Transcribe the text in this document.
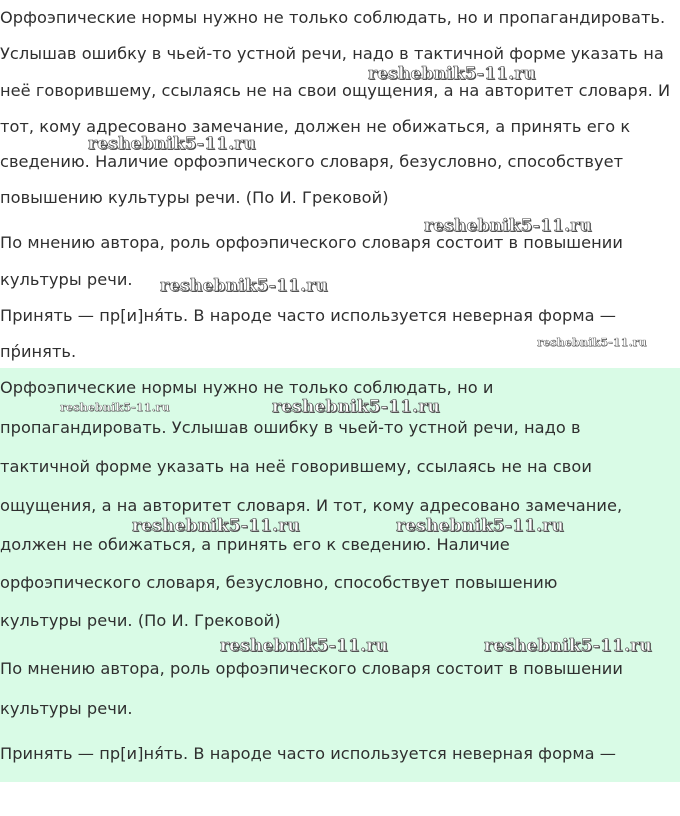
Орфоэпические нормы нужно не только соблюдать, но и пропагандировать.
Услышав ошибку в чьей-то устной речи, надо в тактичной форме указать на
неё говорившему, ссылаясь не на свои ощущения, а на авторитет словаря. И
тот, кому адресовано замечание, должен не обижаться, а принять его к
сведению. Наличие орфоэпического словаря, безусловно, способствует
повышению культуры речи. (По И. Грековой)
По мнению автора, роль орфоэпического словаря состоит в повышении
культуры речи.
Принять — пр[и]ня́ть. В народе часто используется неверная форма —
пр́инять.
Орфоэпические нормы нужно не только соблюдать, но и
пропагандировать. Услышав ошибку в чьей-то устной речи, надо в
тактичной форме указать на неё говорившему, ссылаясь не на свои
ощущения, а на авторитет словаря. И тот, кому адресовано замечание,
должен не обижаться, а принять его к сведению. Наличие
орфоэпического словаря, безусловно, способствует повышению
культуры речи. (По И. Грековой)
По мнению автора, роль орфоэпического словаря состоит в повышении
культуры речи.
Принять — пр[и]ня́ть. В народе часто используется неверная форма —
reshebnik5-11.ru
reshebnik5-11.ru
reshebnik5-11.ru
reshebnik5-11.ru
reshebnik5-11.ru
reshebnik5-11.ru	reshebnik5-11.ru
reshebnik5-11.ru	reshebnik5-11.ru
reshebnik5-11.ru	reshebnik5-11.ru
